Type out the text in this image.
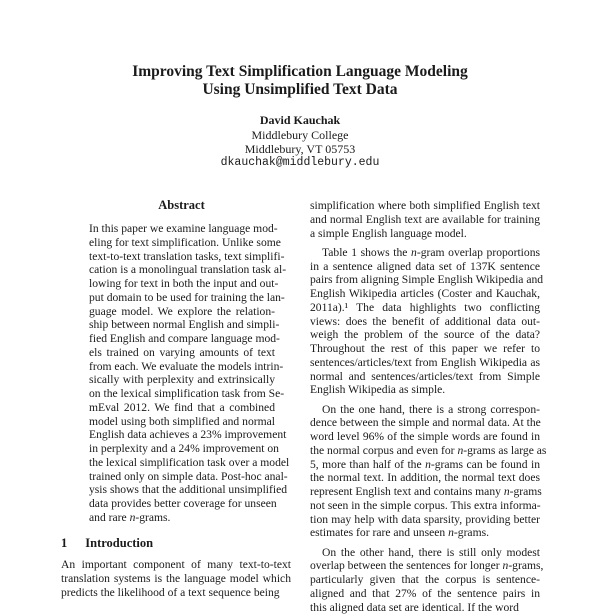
Improving Text Simplification Language Modeling
Using Unsimplified Text Data
David Kauchak
Middlebury College
Middlebury, VT 05753
dkauchak@middlebury.edu
Abstract
In this paper we examine language mod-
eling for text simplification. Unlike some
text-to-text translation tasks, text simplifi-
cation is a monolingual translation task al-
lowing for text in both the input and out-
put domain to be used for training the lan-
guage model. We explore the relation-
ship between normal English and simpli-
fied English and compare language mod-
els trained on varying amounts of text
from each. We evaluate the models intrin-
sically with perplexity and extrinsically
on the lexical simplification task from Se-
mEval 2012. We find that a combined
model using both simplified and normal
English data achieves a 23% improvement
in perplexity and a 24% improvement on
the lexical simplification task over a model
trained only on simple data. Post-hoc anal-
ysis shows that the additional unsimplified
data provides better coverage for unseen
and rare n-grams.
1 Introduction
An important component of many text-to-text
translation systems is the language model which
predicts the likelihood of a text sequence being
simplification where both simplified English text
and normal English text are available for training
a simple English language model.
Table 1 shows the n-gram overlap proportions
in a sentence aligned data set of 137K sentence
pairs from aligning Simple English Wikipedia and
English Wikipedia articles (Coster and Kauchak,
2011a).¹ The data highlights two conflicting
views: does the benefit of additional data out-
weigh the problem of the source of the data?
Throughout the rest of this paper we refer to
sentences/articles/text from English Wikipedia as
normal and sentences/articles/text from Simple
English Wikipedia as simple.
On the one hand, there is a strong correspon-
dence between the simple and normal data. At the
word level 96% of the simple words are found in
the normal corpus and even for n-grams as large as
5, more than half of the n-grams can be found in
the normal text. In addition, the normal text does
represent English text and contains many n-grams
not seen in the simple corpus. This extra informa-
tion may help with data sparsity, providing better
estimates for rare and unseen n-grams.
On the other hand, there is still only modest
overlap between the sentences for longer n-grams,
particularly given that the corpus is sentence-
aligned and that 27% of the sentence pairs in
this aligned data set are identical. If the word
